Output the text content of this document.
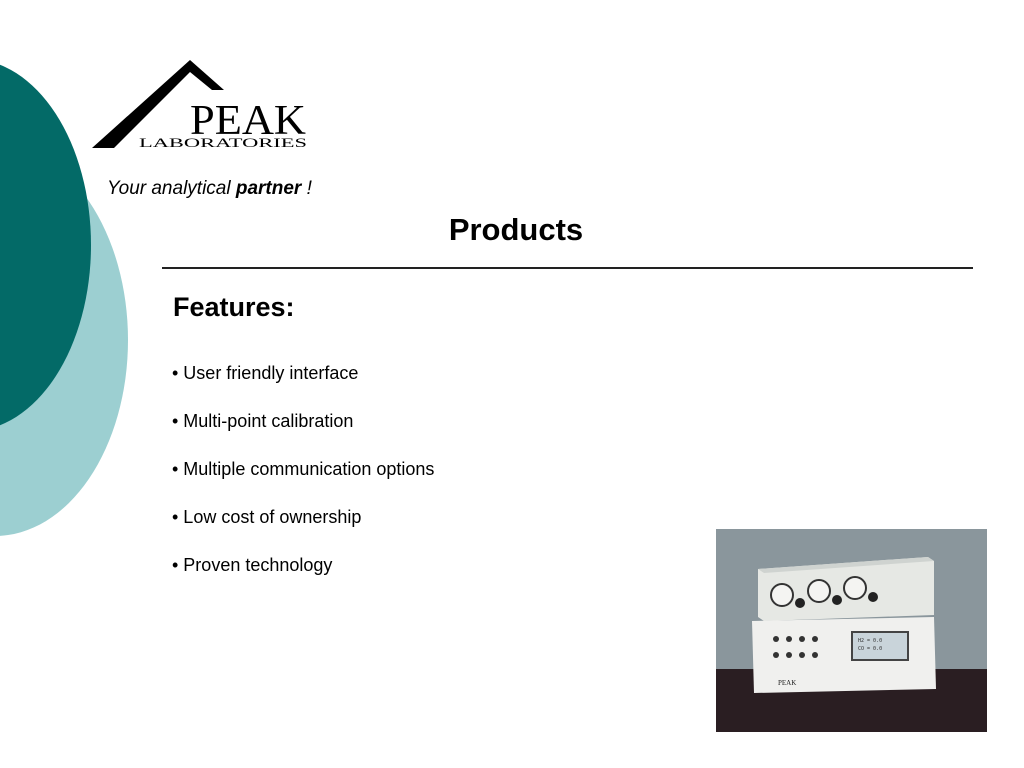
PEAK
LABORATORIES
Your analytical partner !
Products
Features:
• User friendly interface
• Multi-point calibration
• Multiple communication options
• Low cost of ownership
• Proven technology
H2 = 0.0
CO = 0.0
PEAK
